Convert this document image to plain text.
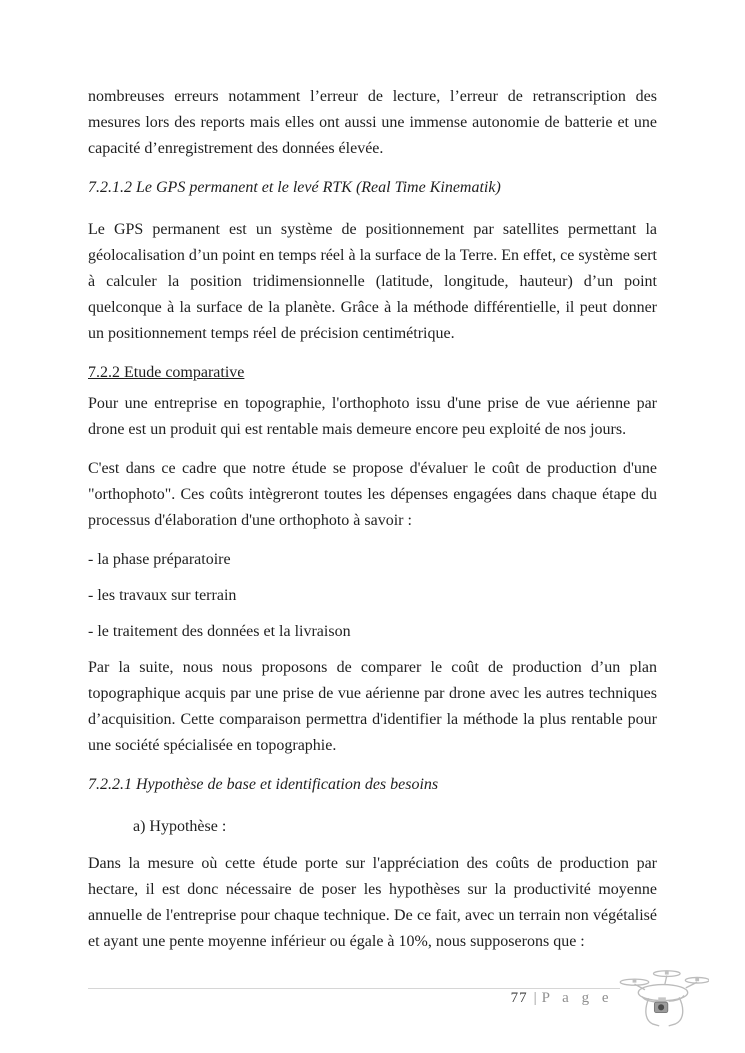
nombreuses erreurs notamment l’erreur de lecture, l’erreur de retranscription des mesures lors des reports mais elles ont aussi une immense autonomie de batterie et une capacité d’enregistrement des données élevée.

7.2.1.2 Le GPS permanent et le levé RTK (Real Time Kinematik)

Le GPS permanent est un système de positionnement par satellites permettant la géolocalisation d’un point en temps réel à la surface de la Terre. En effet, ce système sert à calculer la position tridimensionnelle (latitude, longitude, hauteur) d’un point quelconque à la surface de la planète. Grâce à la méthode différentielle, il peut donner un positionnement temps réel de précision centimétrique.

7.2.2 Etude comparative

Pour une entreprise en topographie, l'orthophoto issu d'une prise de vue aérienne par drone est un produit qui est rentable mais demeure encore peu exploité de nos jours.

C'est dans ce cadre que notre étude se propose d'évaluer le coût de production d'une "orthophoto". Ces coûts intègreront toutes les dépenses engagées dans chaque étape du processus d'élaboration d'une orthophoto à savoir :

- la phase préparatoire

- les travaux sur terrain

- le traitement des données et la livraison

Par la suite, nous nous proposons de comparer le coût de production d’un plan topographique acquis par une prise de vue aérienne par drone avec les autres techniques d’acquisition. Cette comparaison permettra d'identifier la méthode la plus rentable pour une société spécialisée en topographie.

7.2.2.1 Hypothèse de base et identification des besoins

a) Hypothèse :

Dans la mesure où cette étude porte sur l'appréciation des coûts de production par hectare, il est donc nécessaire de poser les hypothèses sur la productivité moyenne annuelle de l'entreprise pour chaque technique. De ce fait, avec un terrain non végétalisé et ayant une pente moyenne inférieur ou égale à 10%, nous supposerons que :

77 | P a g e
